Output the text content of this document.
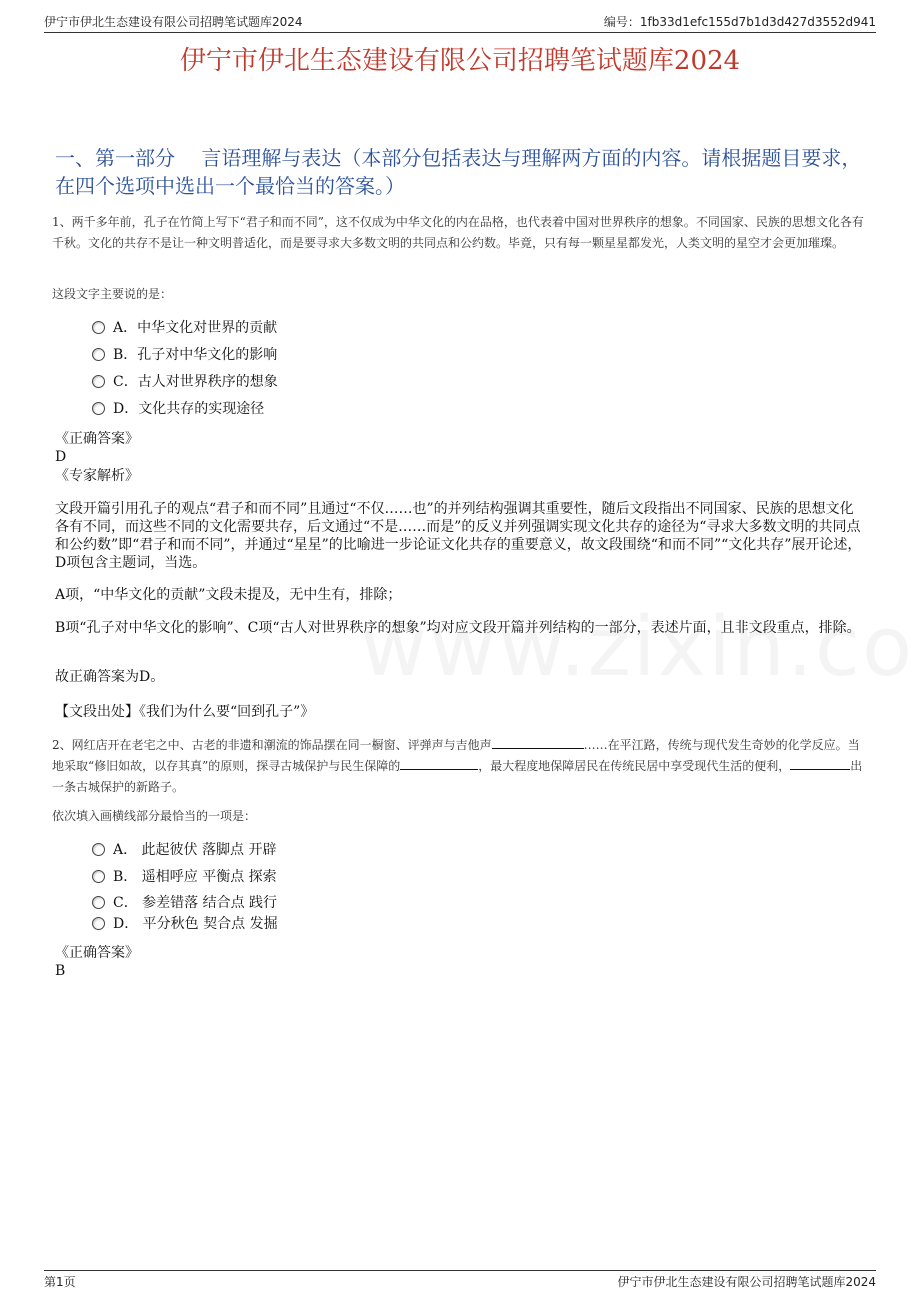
伊宁市伊北生态建设有限公司招聘笔试题库2024	编号：1fb33d1efc155d7b1d3d427d3552d941
伊宁市伊北生态建设有限公司招聘笔试题库2024
一、第一部分　 言语理解与表达（本部分包括表达与理解两方面的内容。请根据题目要求，在四个选项中选出一个最恰当的答案。）
1、两千多年前，孔子在竹简上写下“君子和而不同”，这不仅成为中华文化的内在品格，也代表着中国对世界秩序的想象。不同国家、民族的思想文化各有千秋。文化的共存不是让一种文明普适化，而是要寻求大多数文明的共同点和公约数。毕竟，只有每一颗星星都发光，人类文明的星空才会更加璀璨。
这段文字主要说的是：
A．中华文化对世界的贡献
B．孔子对中华文化的影响
C．古人对世界秩序的想象
D．文化共存的实现途径
《正确答案》
D
《专家解析》
文段开篇引用孔子的观点“君子和而不同”且通过“不仅……也”的并列结构强调其重要性，随后文段指出不同国家、民族的思想文化各有不同，而这些不同的文化需要共存，后文通过“不是……而是”的反义并列强调实现文化共存的途径为“寻求大多数文明的共同点和公约数”即“君子和而不同”，并通过“星星”的比喻进一步论证文化共存的重要意义，故文段围绕“和而不同”“文化共存”展开论述，D项包含主题词，当选。
A项，“中华文化的贡献”文段未提及，无中生有，排除；
B项“孔子对中华文化的影响”、C项“古人对世界秩序的想象”均对应文段开篇并列结构的一部分，表述片面，且非文段重点，排除。
故正确答案为D。
【文段出处】《我们为什么要“回到孔子”》
2、网红店开在老宅之中、古老的非遗和潮流的饰品摆在同一橱窗、评弹声与吉他声	……在平江路，传统与现代发生奇妙的化学反应。当地采取“修旧如故，以存其真”的原则，探寻古城保护与民生保障的	，最大程度地保障居民在传统民居中享受现代生活的便利，	出一条古城保护的新路子。
依次填入画横线部分最恰当的一项是：
A． 此起彼伏 落脚点 开辟
B． 遥相呼应 平衡点 探索
C． 参差错落 结合点 践行
D． 平分秋色 契合点 发掘
《正确答案》
B
第1页	伊宁市伊北生态建设有限公司招聘笔试题库2024
